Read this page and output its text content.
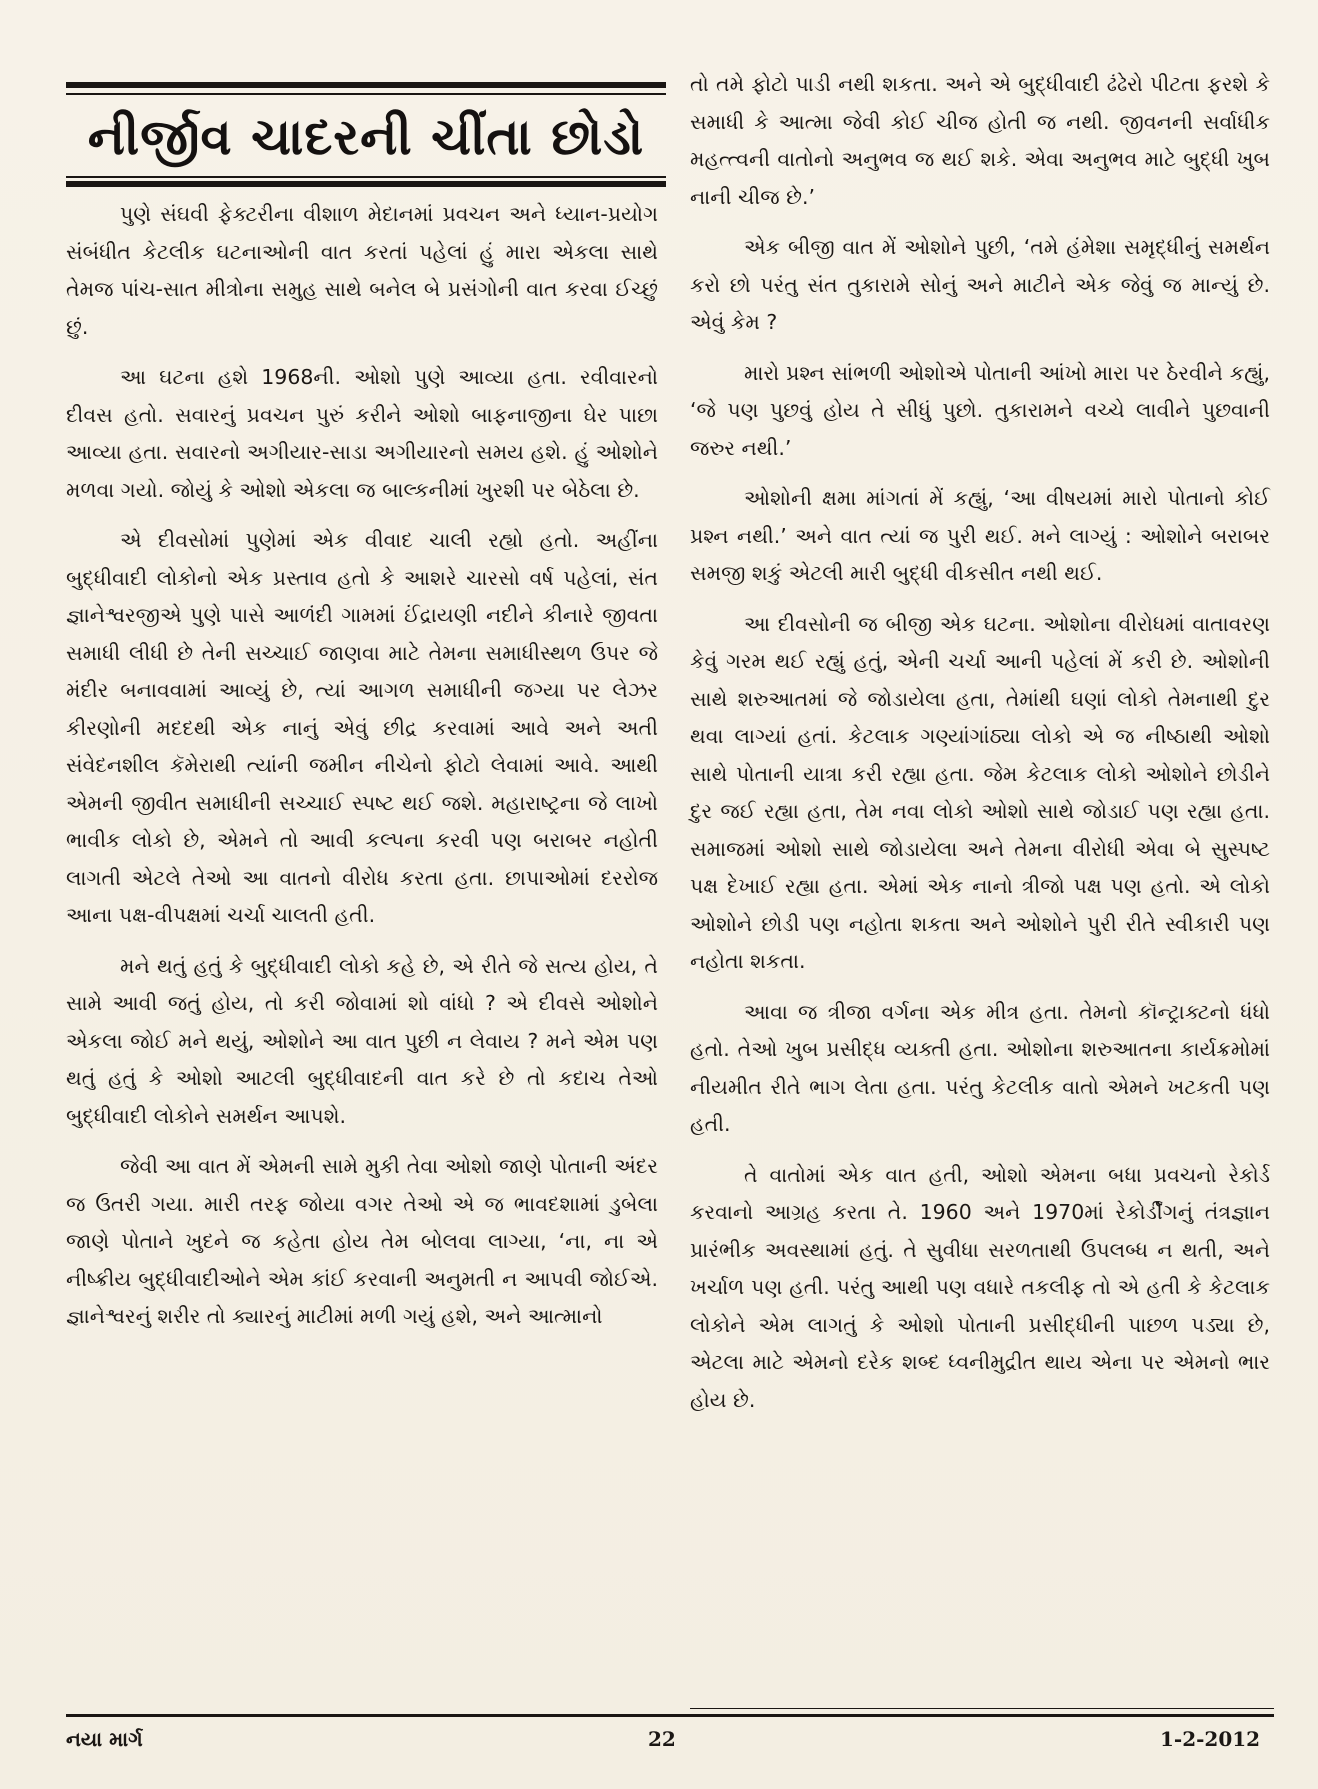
નીર્જીવ ચાદરની ચીંતા છોડો

પુણે સંઘવી ફેક્ટરીના વીશાળ મેદાનમાં પ્રવચન અને ધ્યાન-પ્રયોગ સંબંધીત કેટલીક ઘટનાઓની વાત કરતાં પહેલાં હું મારા એકલા સાથે તેમજ પાંચ-સાત મીત્રોના સમુહ સાથે બનેલ બે પ્રસંગોની વાત કરવા ઈચ્છું છું.

આ ઘટના હશે 1968ની. ઓશો પુણે આવ્યા હતા. રવીવારનો દીવસ હતો. સવારનું પ્રવચન પુરું કરીને ઓશો બાફનાજીના ઘેર પાછા આવ્યા હતા. સવારનો અગીયાર-સાડા અગીયારનો સમય હશે. હું ઓશોને મળવા ગયો. જોયું કે ઓશો એકલા જ બાલ્કનીમાં ખુરશી પર બેઠેલા છે.

એ દીવસોમાં પુણેમાં એક વીવાદ ચાલી રહ્યો હતો. અહીંના બુદ્ધીવાદી લોકોનો એક પ્રસ્તાવ હતો કે આશરે ચારસો વર્ષ પહેલાં, સંત જ્ઞાનેશ્વરજીએ પુણે પાસે આળંદી ગામમાં ઈંદ્રાયણી નદીને કીનારે જીવતા સમાધી લીધી છે તેની સચ્ચાઈ જાણવા માટે તેમના સમાધીસ્થળ ઉપર જે મંદીર બનાવવામાં આવ્યું છે, ત્યાં આગળ સમાધીની જગ્યા પર લેઝર કીરણોની મદદથી એક નાનું એવું છીદ્ર કરવામાં આવે અને અતી સંવેદનશીલ કૅમેરાથી ત્યાંની જમીન નીચેનો ફોટો લેવામાં આવે. આથી એમની જીવીત સમાધીની સચ્ચાઈ સ્પષ્ટ થઈ જશે. મહારાષ્ટ્રના જે લાખો ભાવીક લોકો છે, એમને તો આવી કલ્પના કરવી પણ બરાબર નહોતી લાગતી એટલે તેઓ આ વાતનો વીરોધ કરતા હતા. છાપાઓમાં દરરોજ આના પક્ષ-વીપક્ષમાં ચર્ચા ચાલતી હતી.

મને થતું હતું કે બુદ્ધીવાદી લોકો કહે છે, એ રીતે જે સત્ય હોય, તે સામે આવી જતું હોય, તો કરી જોવામાં શો વાંધો ? એ દીવસે ઓશોને એકલા જોઈ મને થયું, ઓશોને આ વાત પુછી ન લેવાય ? મને એમ પણ થતું હતું કે ઓશો આટલી બુદ્ધીવાદની વાત કરે છે તો કદાચ તેઓ બુદ્ધીવાદી લોકોને સમર્થન આપશે.

જેવી આ વાત મેં એમની સામે મુકી તેવા ઓશો જાણે પોતાની અંદર જ ઉતરી ગયા. મારી તરફ જોયા વગર તેઓ એ જ ભાવદશામાં ડુબેલા જાણે પોતાને ખુદને જ કહેતા હોય તેમ બોલવા લાગ્યા, ‘ના, ના એ નીષ્ક્રીય બુદ્ધીવાદીઓને એમ કાંઈ કરવાની અનુમતી ન આપવી જોઈએ. જ્ઞાનેશ્વરનું શરીર તો ક્યારનું માટીમાં મળી ગયું હશે, અને આત્માનો

તો તમે ફોટો પાડી નથી શકતા. અને એ બુદ્ધીવાદી ઢંઢેરો પીટતા ફરશે કે સમાધી કે આત્મા જેવી કોઈ ચીજ હોતી જ નથી. જીવનની સર્વાધીક મહત્ત્વની વાતોનો અનુભવ જ થઈ શકે. એવા અનુભવ માટે બુદ્ધી ખુબ નાની ચીજ છે.’

એક બીજી વાત મેં ઓશોને પુછી, ‘તમે હંમેશા સમૃદ્ધીનું સમર્થન કરો છો પરંતુ સંત તુકારામે સોનું અને માટીને એક જેવું જ માન્યું છે. એવું કેમ ?

મારો પ્રશ્ન સાંભળી ઓશોએ પોતાની આંખો મારા પર ઠેરવીને કહ્યું, ‘જે પણ પુછવું હોય તે સીધું પુછો. તુકારામને વચ્ચે લાવીને પુછવાની જરુર નથી.’

ઓશોની ક્ષમા માંગતાં મેં કહ્યું, ‘આ વીષયમાં મારો પોતાનો કોઈ પ્રશ્ન નથી.’ અને વાત ત્યાં જ પુરી થઈ. મને લાગ્યું : ઓશોને બરાબર સમજી શકું એટલી મારી બુદ્ધી વીકસીત નથી થઈ.

આ દીવસોની જ બીજી એક ઘટના. ઓશોના વીરોધમાં વાતાવરણ કેવું ગરમ થઈ રહ્યું હતું, એની ચર્ચા આની પહેલાં મેં કરી છે. ઓશોની સાથે શરુઆતમાં જે જોડાયેલા હતા, તેમાંથી ઘણાં લોકો તેમનાથી દુર થવા લાગ્યાં હતાં. કેટલાક ગણ્યાંગાંઠ્યા લોકો એ જ નીષ્ઠાથી ઓશો સાથે પોતાની યાત્રા કરી રહ્યા હતા. જેમ કેટલાક લોકો ઓશોને છોડીને દુર જઈ રહ્યા હતા, તેમ નવા લોકો ઓશો સાથે જોડાઈ પણ રહ્યા હતા. સમાજમાં ઓશો સાથે જોડાયેલા અને તેમના વીરોધી એવા બે સુસ્પષ્ટ પક્ષ દેખાઈ રહ્યા હતા. એમાં એક નાનો ત્રીજો પક્ષ પણ હતો. એ લોકો ઓશોને છોડી પણ નહોતા શકતા અને ઓશોને પુરી રીતે સ્વીકારી પણ નહોતા શકતા.

આવા જ ત્રીજા વર્ગના એક મીત્ર હતા. તેમનો કૉન્ટ્રાક્ટનો ધંધો હતો. તેઓ ખુબ પ્રસીદ્ધ વ્યક્તી હતા. ઓશોના શરુઆતના કાર્યક્રમોમાં નીયમીત રીતે ભાગ લેતા હતા. પરંતુ કેટલીક વાતો એમને ખટકતી પણ હતી.

તે વાતોમાં એક વાત હતી, ઓશો એમના બધા પ્રવચનો રેકોર્ડ કરવાનો આગ્રહ કરતા તે. 1960 અને 1970માં રેકોર્ડીંગનું તંત્રજ્ઞાન પ્રારંભીક અવસ્થામાં હતું. તે સુવીધા સરળતાથી ઉપલબ્ધ ન થતી, અને ખર્ચાળ પણ હતી. પરંતુ આથી પણ વધારે તકલીફ તો એ હતી કે કેટલાક લોકોને એમ લાગતું કે ઓશો પોતાની પ્રસીદ્ધીની પાછળ પડ્યા છે, એટલા માટે એમનો દરેક શબ્દ ધ્વનીમુદ્રીત થાય એના પર એમનો ભાર હોય છે.

નયા માર્ગ	22	1-2-2012
